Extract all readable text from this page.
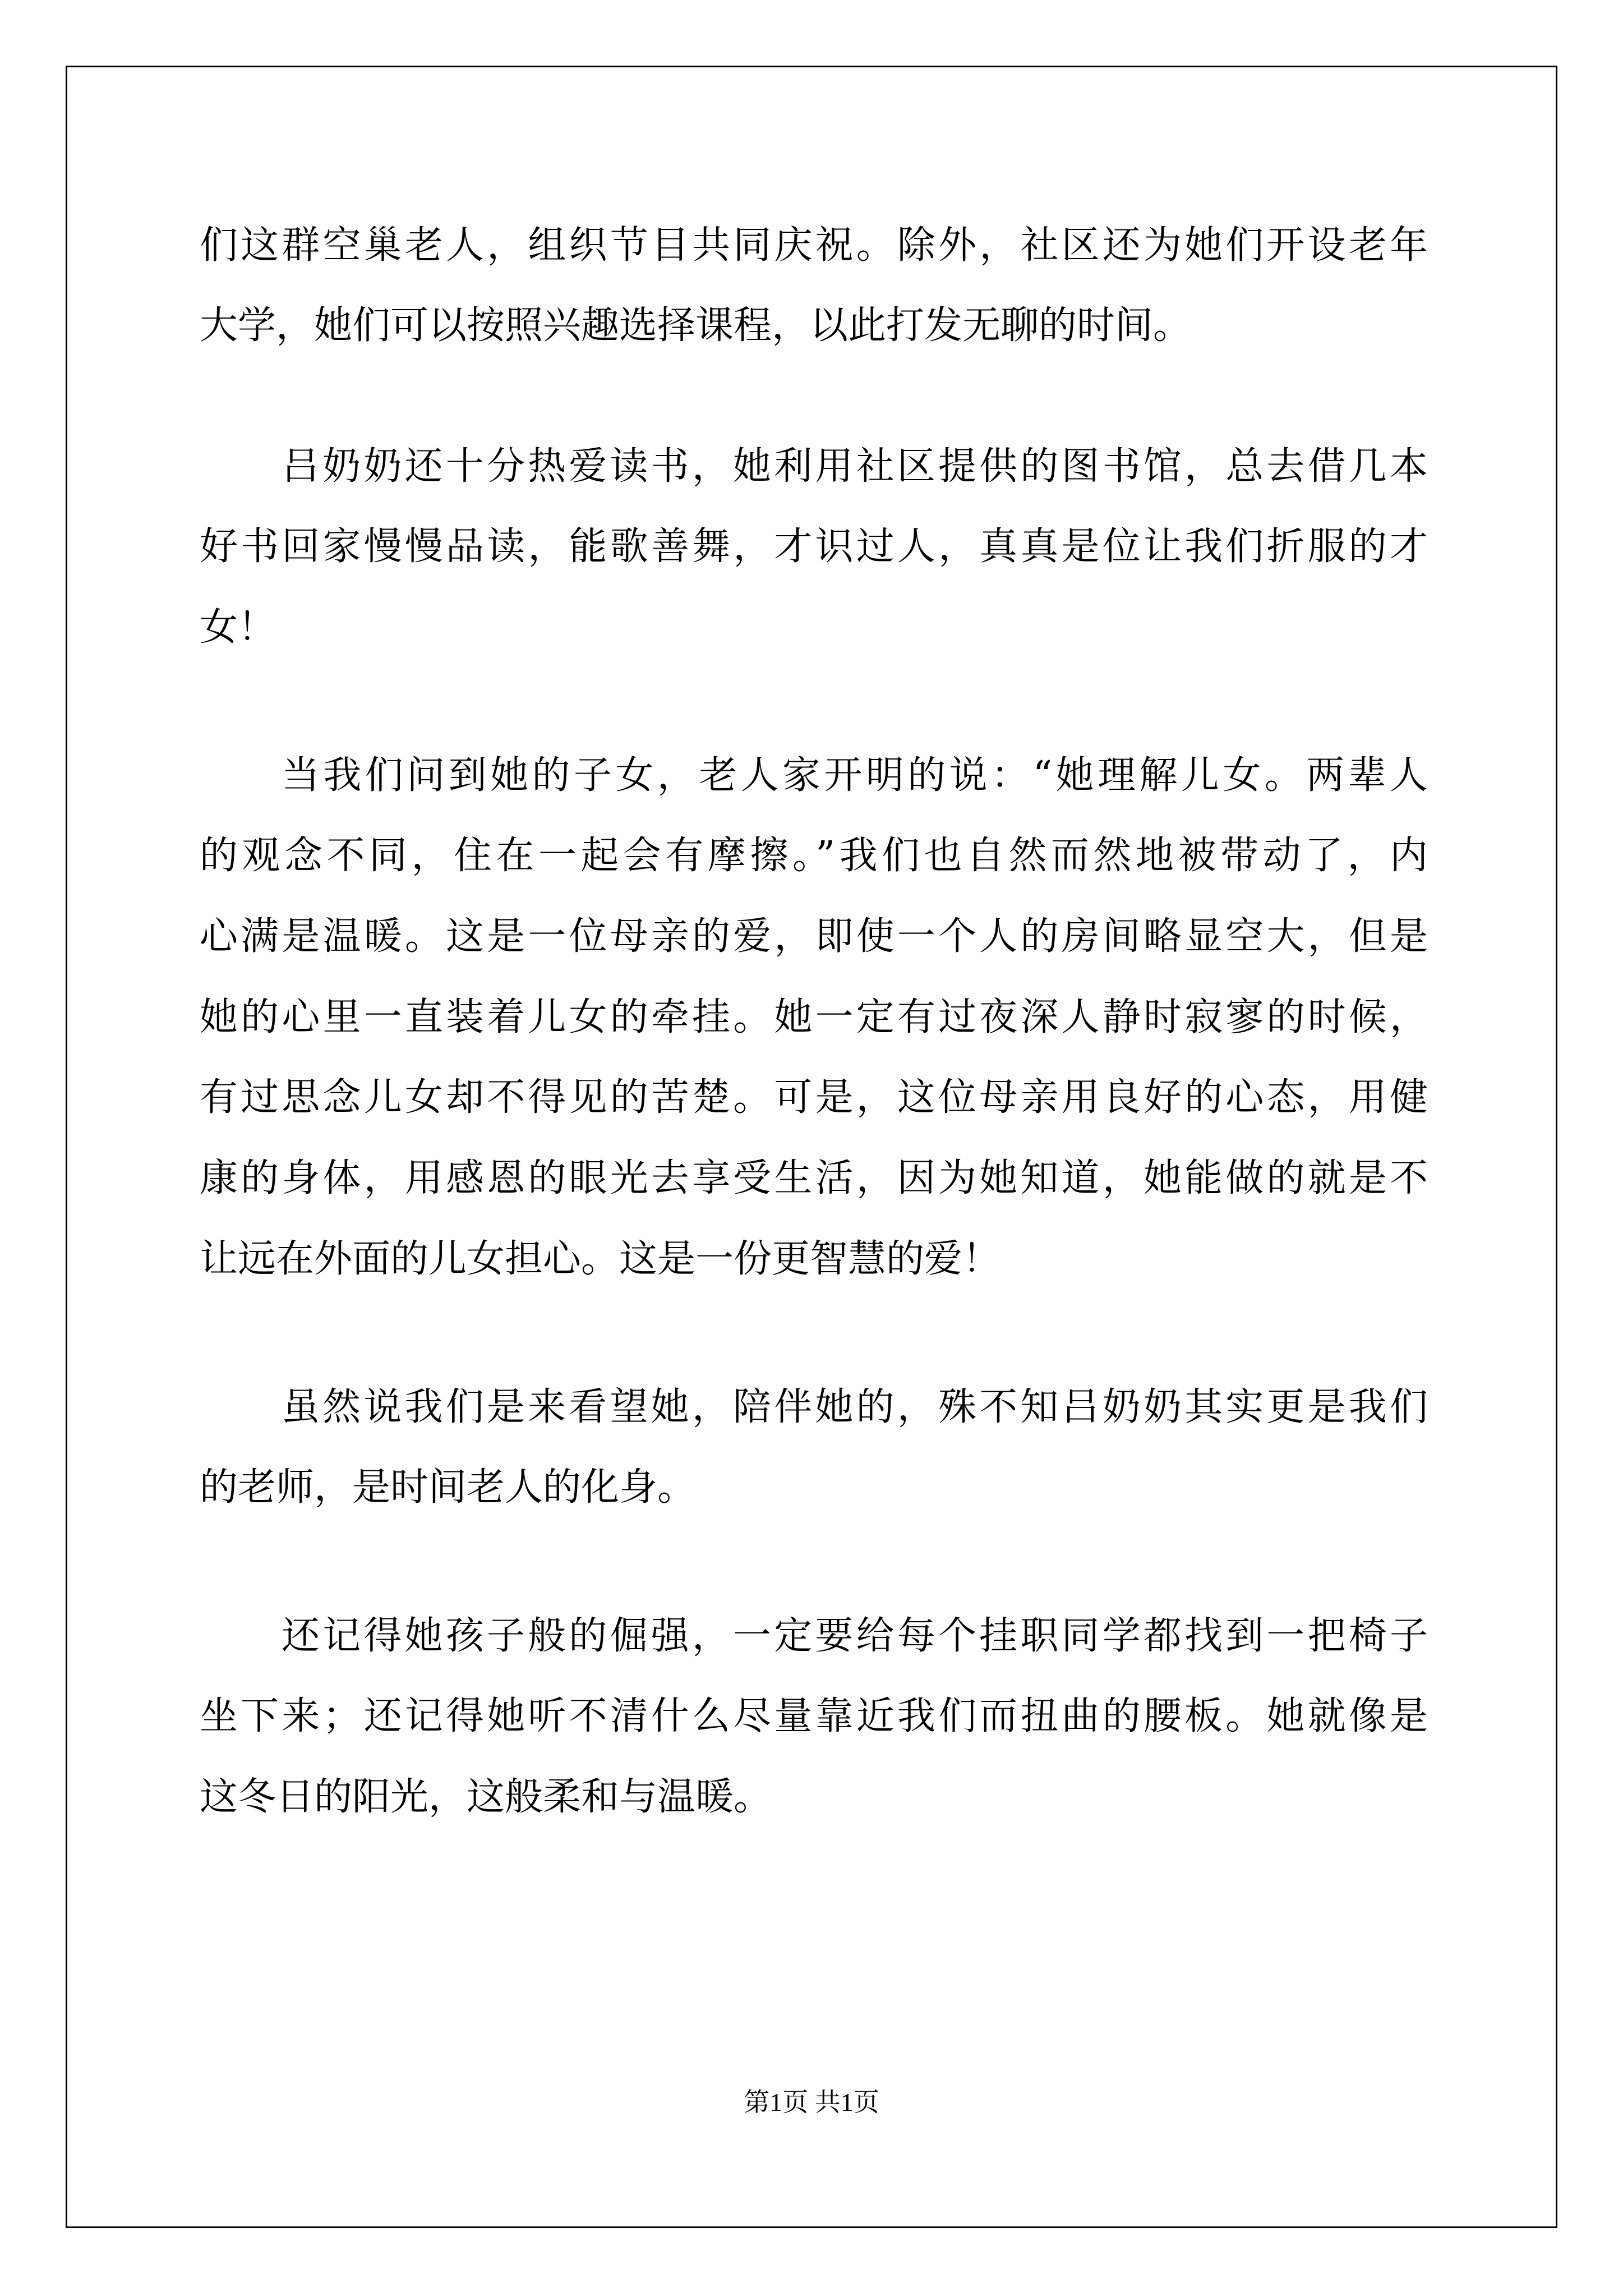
们这群空巢老人，组织节目共同庆祝。除外，社区还为她们开设老年
大学，她们可以按照兴趣选择课程，以此打发无聊的时间。
吕奶奶还十分热爱读书，她利用社区提供的图书馆，总去借几本
好书回家慢慢品读，能歌善舞，才识过人，真真是位让我们折服的才
女！
当我们问到她的子女，老人家开明的说：“她理解儿女。两辈人
的观念不同，住在一起会有摩擦。”我们也自然而然地被带动了，内
心满是温暖。这是一位母亲的爱，即使一个人的房间略显空大，但是
她的心里一直装着儿女的牵挂。她一定有过夜深人静时寂寥的时候，
有过思念儿女却不得见的苦楚。可是，这位母亲用良好的心态，用健
康的身体，用感恩的眼光去享受生活，因为她知道，她能做的就是不
让远在外面的儿女担心。这是一份更智慧的爱！
虽然说我们是来看望她，陪伴她的，殊不知吕奶奶其实更是我们
的老师，是时间老人的化身。
还记得她孩子般的倔强，一定要给每个挂职同学都找到一把椅子
坐下来；还记得她听不清什么尽量靠近我们而扭曲的腰板。她就像是
这冬日的阳光，这般柔和与温暖。
第1页 共1页
